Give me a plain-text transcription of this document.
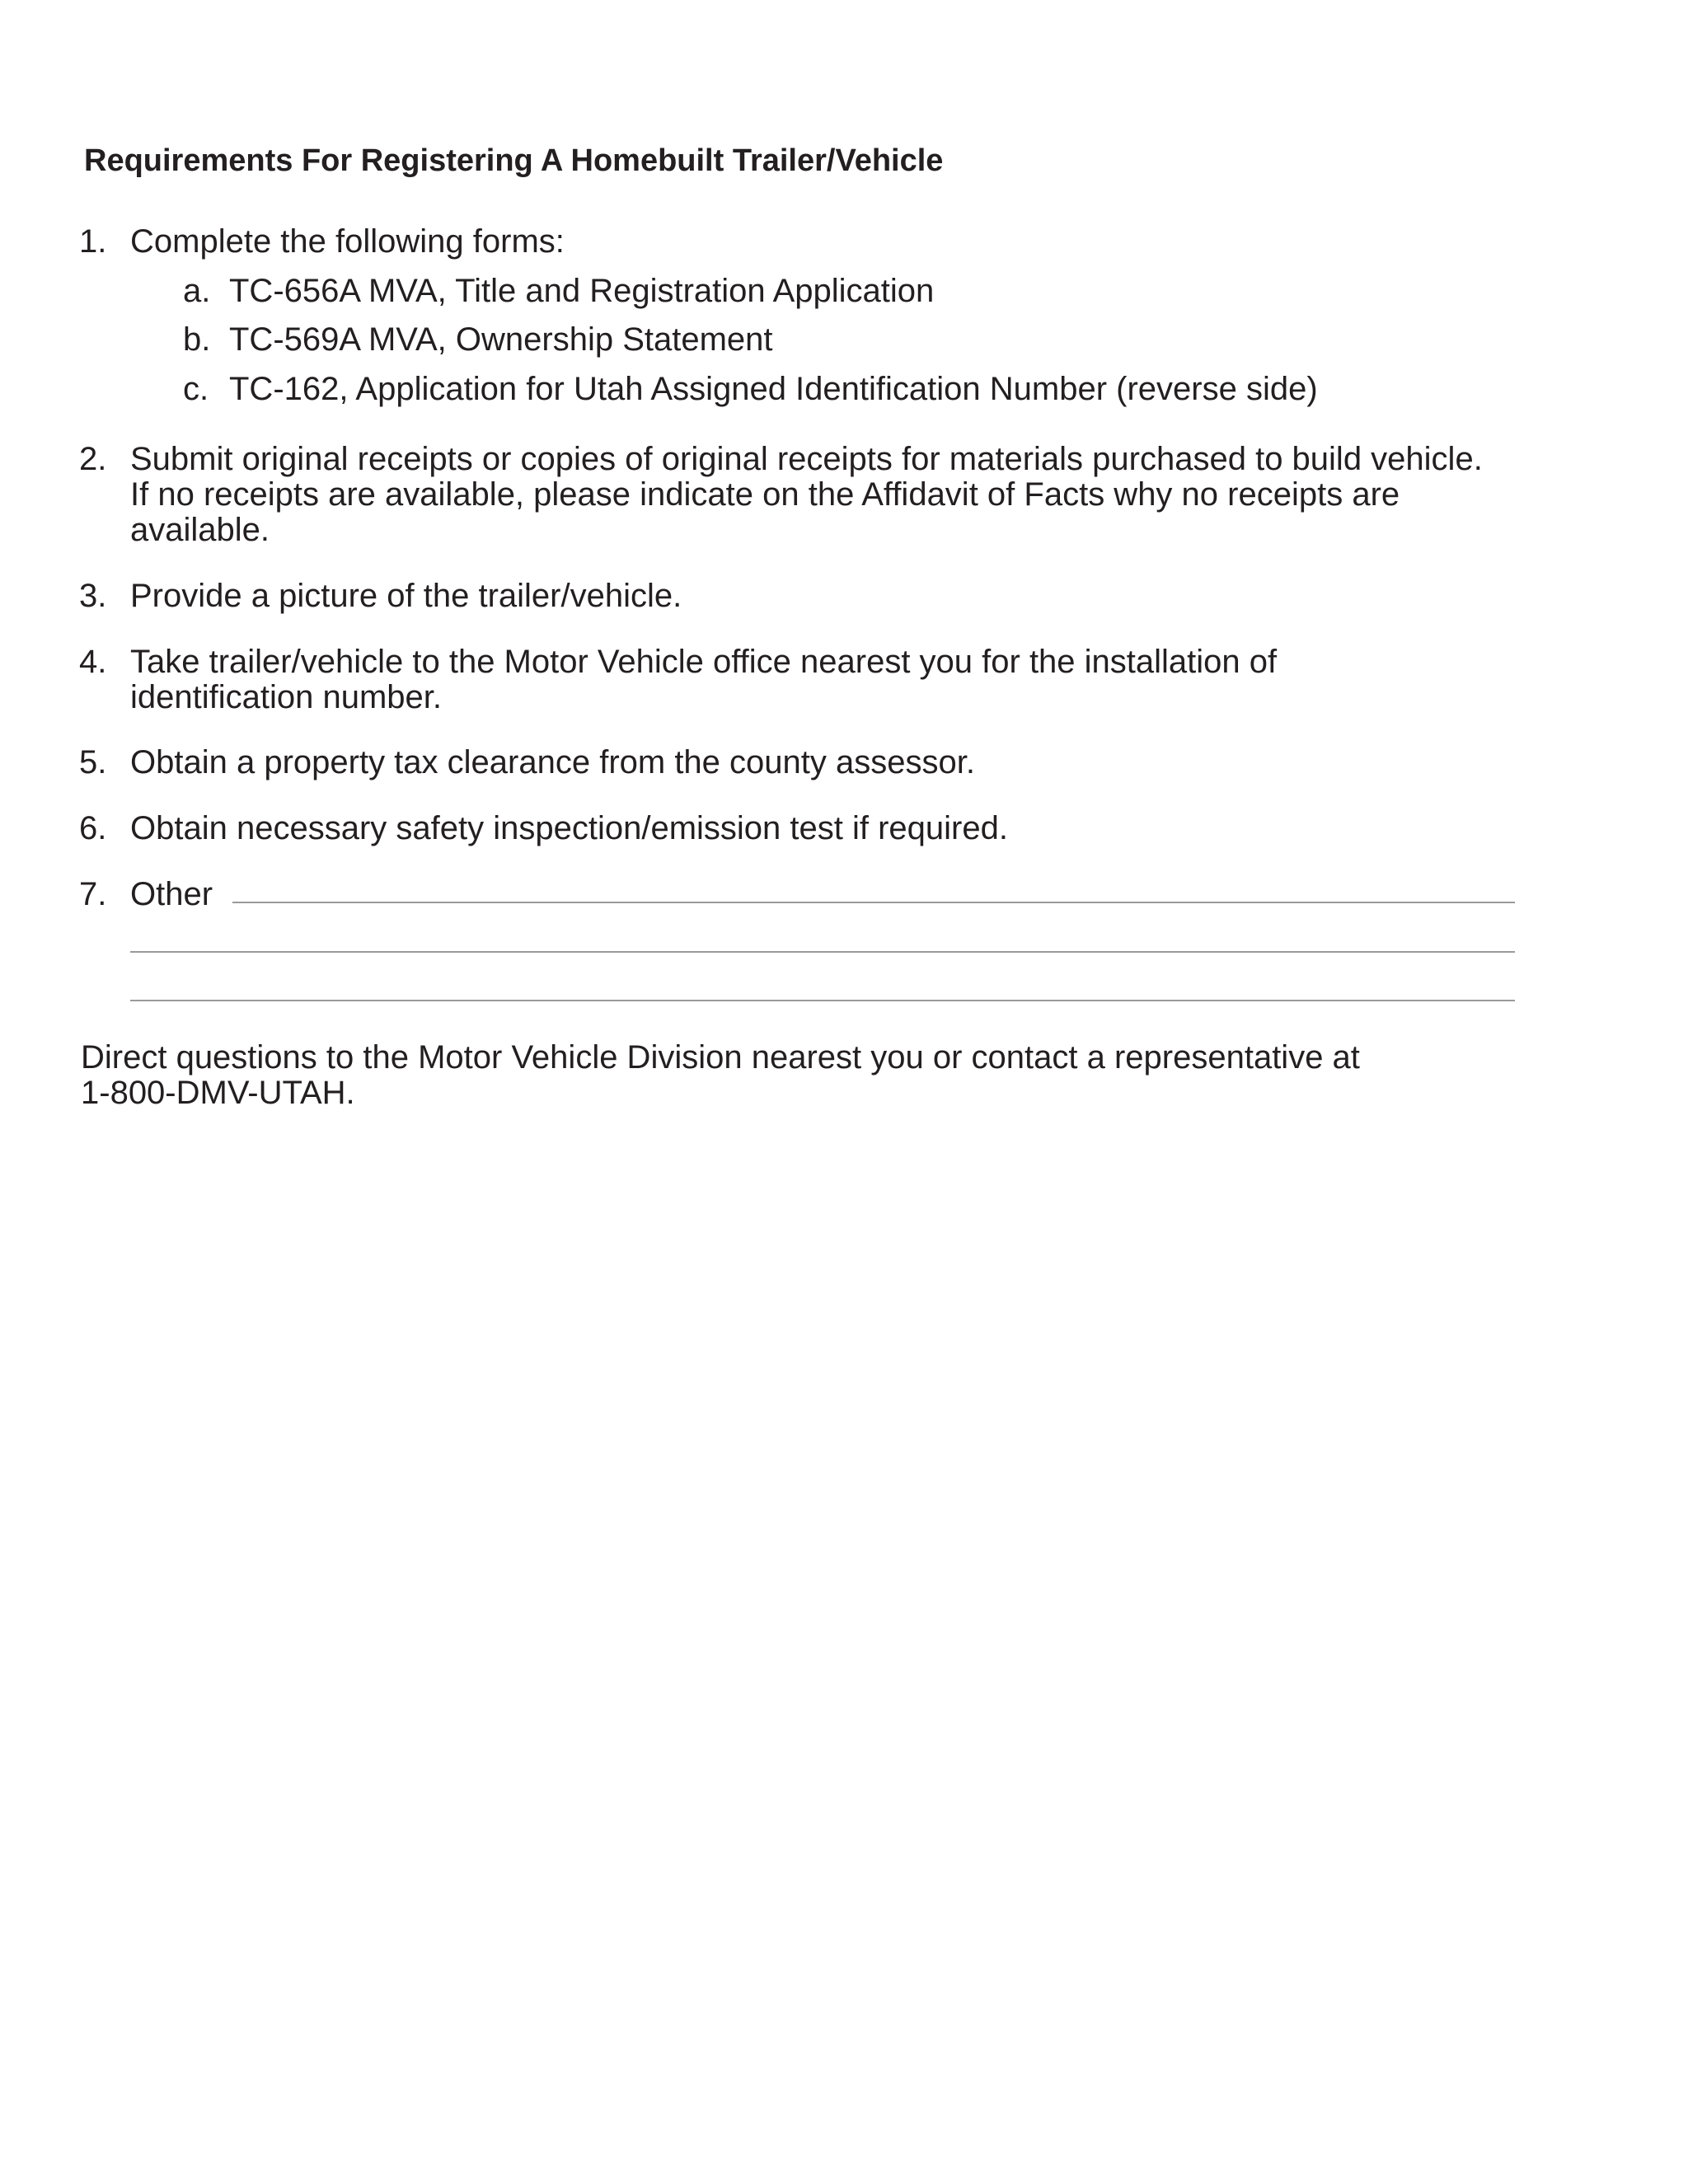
Requirements For Registering A Homebuilt Trailer/Vehicle
1. Complete the following forms:
a. TC-656A MVA, Title and Registration Application
b. TC-569A MVA, Ownership Statement
c. TC-162, Application for Utah Assigned Identification Number (reverse side)
2. Submit original receipts or copies of original receipts for materials purchased to build vehicle.
If no receipts are available, please indicate on the Affidavit of Facts why no receipts are
available.
3. Provide a picture of the trailer/vehicle.
4. Take trailer/vehicle to the Motor Vehicle office nearest you for the installation of
identification number.
5. Obtain a property tax clearance from the county assessor.
6. Obtain necessary safety inspection/emission test if required.
7. Other
Direct questions to the Motor Vehicle Division nearest you or contact a representative at
1-800-DMV-UTAH.
